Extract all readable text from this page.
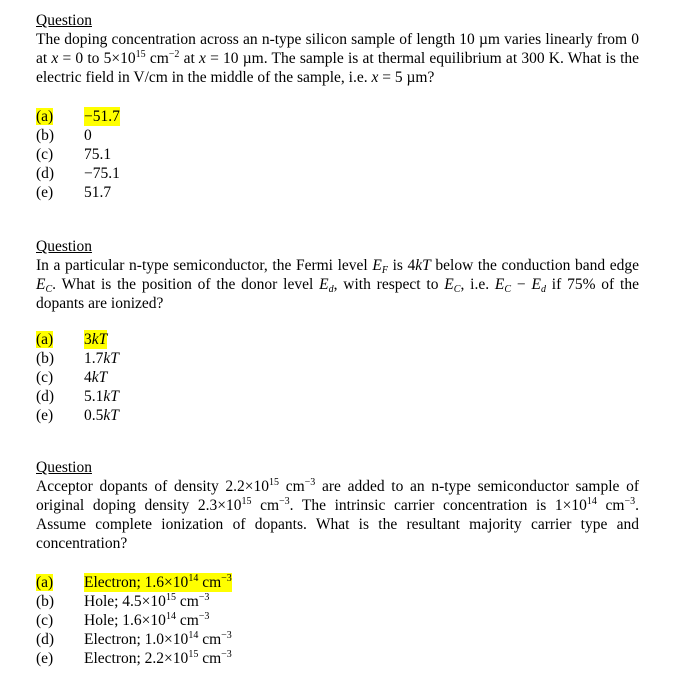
Question
The doping concentration across an n-type silicon sample of length 10 µm varies linearly from 0 at x = 0 to $5\times 10^{15}$ $cm^{-2}$ at x = 10 µm. The sample is at thermal equilibrium at 300 K. What is the electric field in V/cm in the middle of the sample, i.e. x = 5 µm?
(a) −51.7
(b) 0
(c) 75.1
(d) −75.1
(e) 51.7
Question
In a particular n-type semiconductor, the Fermi level $E_F$ is 4kT below the conduction band edge $E_C$. What is the position of the donor level $E_d$, with respect to $E_C$, i.e. $E_C - E_d$ if 75% of the dopants are ionized?
(a) 3kT
(b) 1.7kT
(c) 4kT
(d) 5.1kT
(e) 0.5kT
Question
Acceptor dopants of density $2.2\times 10^{15}$ $cm^{-3}$ are added to an n-type semiconductor sample of original doping density $2.3\times 10^{15}$ $cm^{-3}$. The intrinsic carrier concentration is $1\times 10^{14}$ $cm^{-3}$. Assume complete ionization of dopants. What is the resultant majority carrier type and concentration?
(a) Electron; $1.6\times 10^{14}$ $cm^{-3}$
(b) Hole; $4.5\times 10^{15}$ $cm^{-3}$
(c) Hole; $1.6\times 10^{14}$ $cm^{-3}$
(d) Electron; $1.0\times 10^{14}$ $cm^{-3}$
(e) Electron; $2.2\times 10^{15}$ $cm^{-3}$
